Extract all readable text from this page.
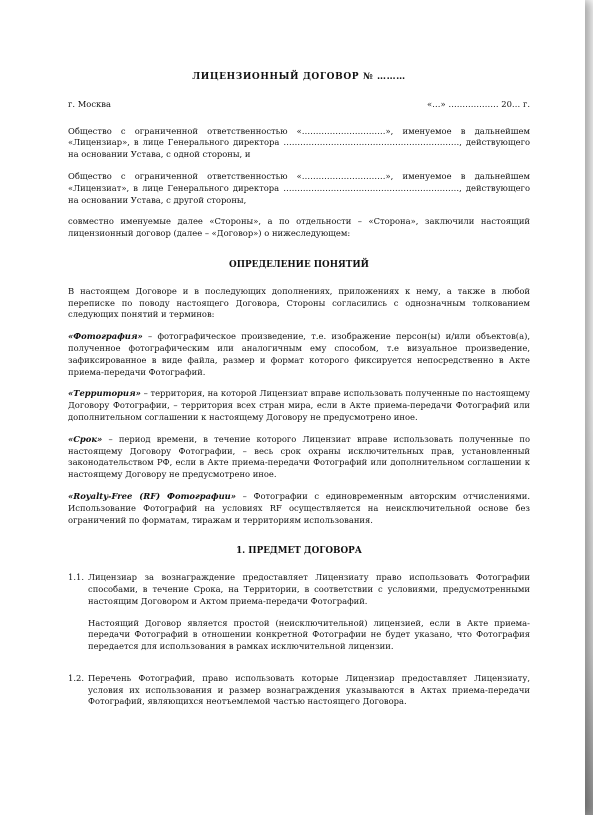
ЛИЦЕНЗИОННЫЙ ДОГОВОР № ………
г. Москва	«…» ……………… 20… г.

Общество с ограниченной ответственностью «…………………………», именуемое в дальнейшем «Лицензиар», в лице Генерального директора ………………………………………………………, действующего на основании Устава, с одной стороны, и

Общество с ограниченной ответственностью «…………………………», именуемое в дальнейшем «Лицензиат», в лице Генерального директора ………………………………………………………, действующего на основании Устава, с другой стороны,

совместно именуемые далее «Стороны», а по отдельности – «Сторона», заключили настоящий лицензионный договор (далее – «Договор») о нижеследующем:

ОПРЕДЕЛЕНИЕ ПОНЯТИЙ

В настоящем Договоре и в последующих дополнениях, приложениях к нему, а также в любой переписке по поводу настоящего Договора, Стороны согласились с однозначным толкованием следующих понятий и терминов:

«Фотография» – фотографическое произведение, т.е. изображение персон(ы) и/или объектов(а), полученное фотографическим или аналогичным ему способом, т.е визуальное произведение, зафиксированное в виде файла, размер и формат которого фиксируется непосредственно в Акте приема-передачи Фотографий.
«Территория» – территория, на которой Лицензиат вправе использовать полученные по настоящему Договору Фотографии, – территория всех стран мира, если в Акте приема-передачи Фотографий или дополнительном соглашении к настоящему Договору не предусмотрено иное.
«Срок» – период времени, в течение которого Лицензиат вправе использовать полученные по настоящему Договору Фотографии, – весь срок охраны исключительных прав, установленный законодательством РФ, если в Акте приема-передачи Фотографий или дополнительном соглашении к настоящему Договору не предусмотрено иное.
«Royalty-Free (RF) Фотографии» – Фотографии с единовременным авторским отчислениями. Использование Фотографий на условиях RF осуществляется на неисключительной основе без ограничений по форматам, тиражам и территориям использования.
1. ПРЕДМЕТ ДОГОВОРА
1.1. Лицензиар за вознаграждение предоставляет Лицензиату право использовать Фотографии способами, в течение Срока, на Территории, в соответствии с условиями, предусмотренными настоящим Договором и Актом приема-передачи Фотографий.

Настоящий Договор является простой (неисключительной) лицензией, если в Акте приема-передачи Фотографий в отношении конкретной Фотографии не будет указано, что Фотография передается для использования в рамках исключительной лицензии.

1.2. Перечень Фотографий, право использовать которые Лицензиар предоставляет Лицензиату, условия их использования и размер вознаграждения указываются в Актах приема-передачи Фотографий, являющихся неотъемлемой частью настоящего Договора.
